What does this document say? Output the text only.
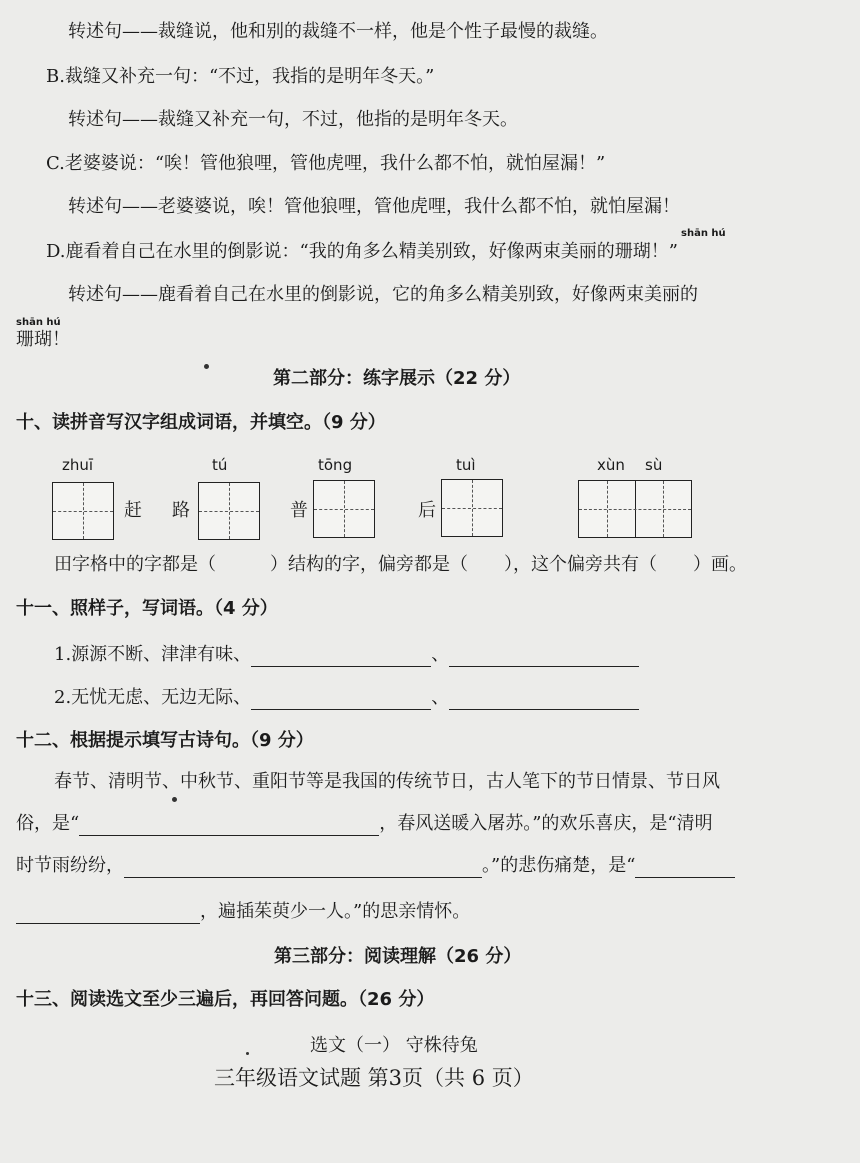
转述句——裁缝说，他和别的裁缝不一样，他是个性子最慢的裁缝。
B.裁缝又补充一句：“不过，我指的是明年冬天。”
转述句——裁缝又补充一句，不过，他指的是明年冬天。
C.老婆婆说：“唉！管他狼哩，管他虎哩，我什么都不怕，就怕屋漏！”
转述句——老婆婆说，唉！管他狼哩，管他虎哩，我什么都不怕，就怕屋漏！
shān hú
D.鹿看着自己在水里的倒影说：“我的角多么精美别致，好像两束美丽的珊瑚！”
转述句——鹿看着自己在水里的倒影说，它的角多么精美别致，好像两束美丽的
shān hú
珊瑚！
第二部分：练字展示（22 分）
十、读拼音写汉字组成词语，并填空。（9 分）
zhuī	tú	tōng	tuì	xùn sù
赶 路	普	后
田字格中的字都是（　　　）结构的字，偏旁都是（　　），这个偏旁共有（　　）画。
十一、照样子，写词语。（4 分）
1.源源不断、津津有味、	、
2.无忧无虑、无边无际、	、
十二、根据提示填写古诗句。（9 分）
春节、清明节、中秋节、重阳节等是我国的传统节日，古人笔下的节日情景、节日风
俗，是“	，春风送暖入屠苏。”的欢乐喜庆，是“清明
时节雨纷纷，	。”的悲伤痛楚，是“
，遍插茱萸少一人。”的思亲情怀。
第三部分：阅读理解（26 分）
十三、阅读选文至少三遍后，再回答问题。（26 分）
选文（一） 守株待兔
三年级语文试题 第3页（共 6 页）
